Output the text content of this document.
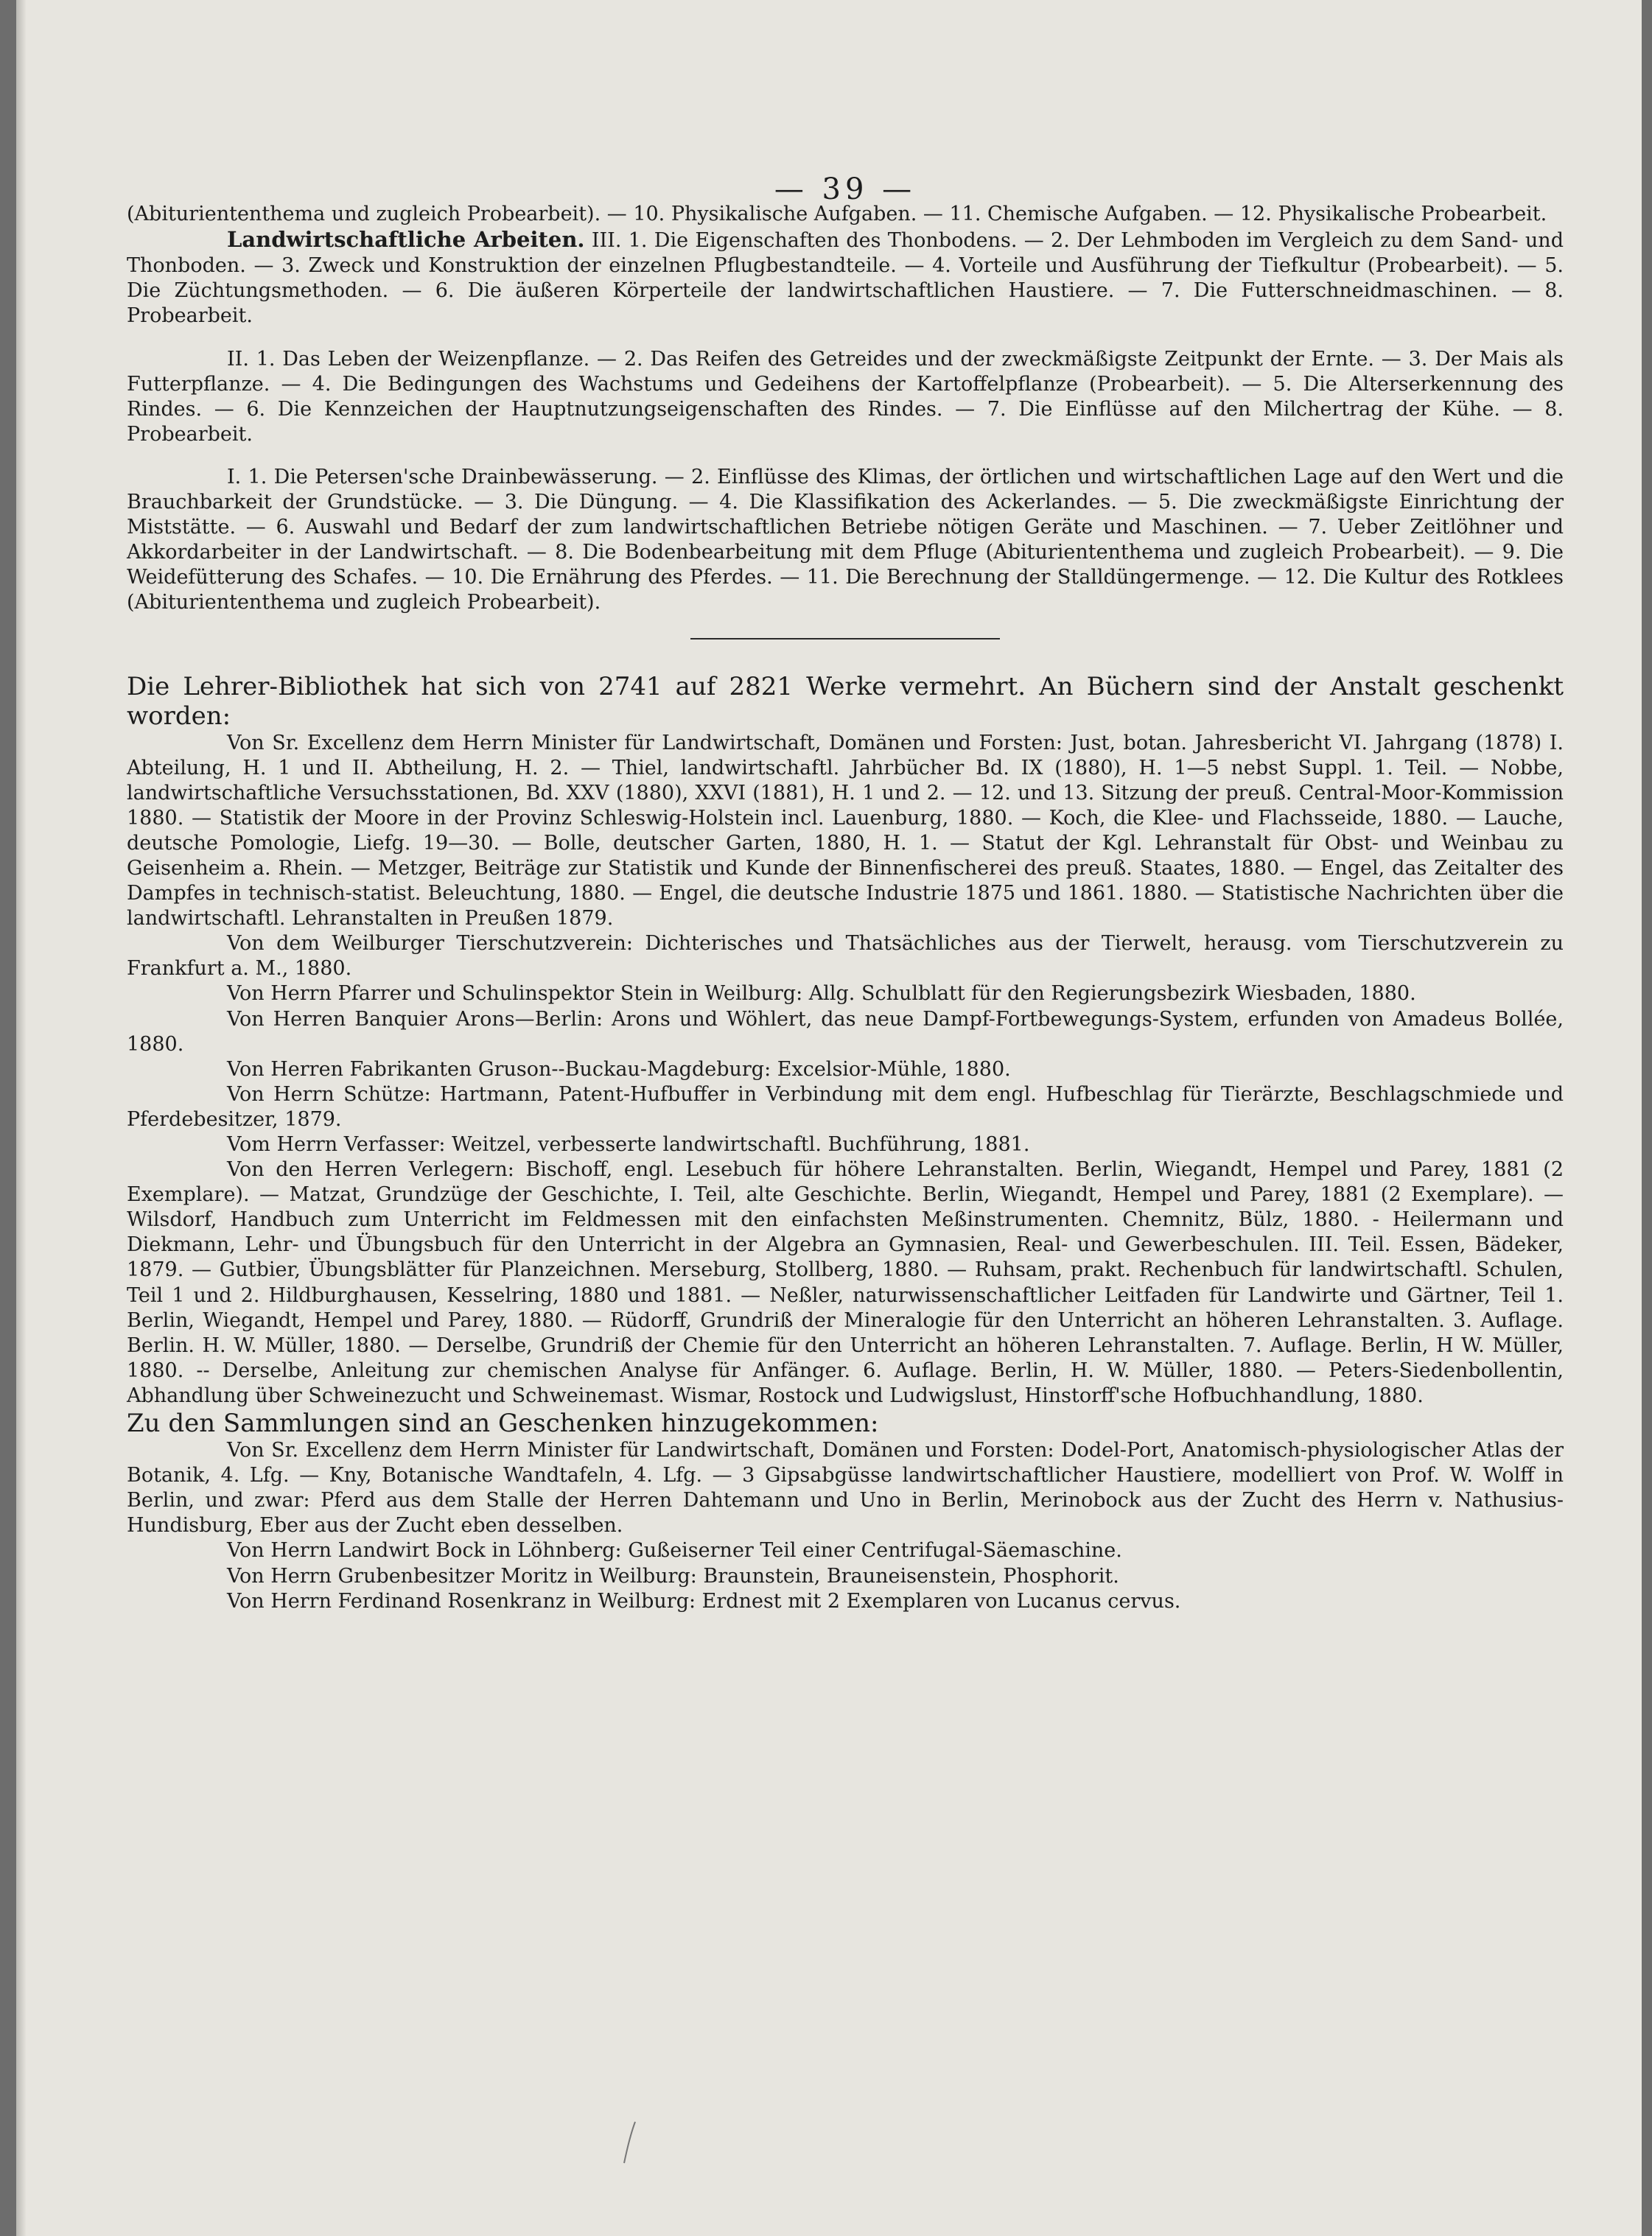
— 39 —

(Abituriententhema und zugleich Probearbeit). — 10. Physikalische Aufgaben. — 11. Chemische Aufgaben. — 12. Physikalische Probearbeit.

Landwirtschaftliche Arbeiten. III. 1. Die Eigenschaften des Thonbodens. — 2. Der Lehmboden im Vergleich zu dem Sand- und Thonboden. — 3. Zweck und Konstruktion der einzelnen Pflugbestandteile. — 4. Vorteile und Ausführung der Tiefkultur (Probearbeit). — 5. Die Züchtungsmethoden. — 6. Die äußeren Körperteile der landwirtschaftlichen Haustiere. — 7. Die Futterschneidmaschinen. — 8. Probearbeit.

II. 1. Das Leben der Weizenpflanze. — 2. Das Reifen des Getreides und der zweckmäßigste Zeitpunkt der Ernte. — 3. Der Mais als Futterpflanze. — 4. Die Bedingungen des Wachstums und Gedeihens der Kartoffelpflanze (Probearbeit). — 5. Die Alterserkennung des Rindes. — 6. Die Kennzeichen der Hauptnutzungseigenschaften des Rindes. — 7. Die Einflüsse auf den Milchertrag der Kühe. — 8. Probearbeit.

I. 1. Die Petersen'sche Drainbewässerung. — 2. Einflüsse des Klimas, der örtlichen und wirtschaftlichen Lage auf den Wert und die Brauchbarkeit der Grundstücke. — 3. Die Düngung. — 4. Die Klassifikation des Ackerlandes. — 5. Die zweckmäßigste Einrichtung der Miststätte. — 6. Auswahl und Bedarf der zum landwirtschaftlichen Betriebe nötigen Geräte und Maschinen. — 7. Ueber Zeitlöhner und Akkordarbeiter in der Landwirtschaft. — 8. Die Bodenbearbeitung mit dem Pfluge (Abituriententhema und zugleich Probearbeit). — 9. Die Weidefütterung des Schafes. — 10. Die Ernährung des Pferdes. — 11. Die Berechnung der Stalldüngermenge. — 12. Die Kultur des Rotklees (Abituriententhema und zugleich Probearbeit).

Die Lehrer-Bibliothek hat sich von 2741 auf 2821 Werke vermehrt. An Büchern sind der Anstalt geschenkt worden:

Von Sr. Excellenz dem Herrn Minister für Landwirtschaft, Domänen und Forsten: Just, botan. Jahresbericht VI. Jahrgang (1878) I. Abteilung, H. 1 und II. Abtheilung, H. 2. — Thiel, landwirtschaftl. Jahrbücher Bd. IX (1880), H. 1—5 nebst Suppl. 1. Teil. — Nobbe, landwirtschaftliche Versuchsstationen, Bd. XXV (1880), XXVI (1881), H. 1 und 2. — 12. und 13. Sitzung der preuß. Central-Moor-Kommission 1880. — Statistik der Moore in der Provinz Schleswig-Holstein incl. Lauenburg, 1880. — Koch, die Klee- und Flachsseide, 1880. — Lauche, deutsche Pomologie, Liefg. 19—30. — Bolle, deutscher Garten, 1880, H. 1. — Statut der Kgl. Lehranstalt für Obst- und Weinbau zu Geisenheim a. Rhein. — Metzger, Beiträge zur Statistik und Kunde der Binnenfischerei des preuß. Staates, 1880. — Engel, das Zeitalter des Dampfes in technisch-statist. Beleuchtung, 1880. — Engel, die deutsche Industrie 1875 und 1861. 1880. — Statistische Nachrichten über die landwirtschaftl. Lehranstalten in Preußen 1879.

Von dem Weilburger Tierschutzverein: Dichterisches und Thatsächliches aus der Tierwelt, herausg. vom Tierschutzverein zu Frankfurt a. M., 1880.

Von Herrn Pfarrer und Schulinspektor Stein in Weilburg: Allg. Schulblatt für den Regierungsbezirk Wiesbaden, 1880.

Von Herren Banquier Arons—Berlin: Arons und Wöhlert, das neue Dampf-Fortbewegungs-System, erfunden von Amadeus Bollée, 1880.

Von Herren Fabrikanten Gruson--Buckau-Magdeburg: Excelsior-Mühle, 1880.

Von Herrn Schütze: Hartmann, Patent-Hufbuffer in Verbindung mit dem engl. Hufbeschlag für Tierärzte, Beschlagschmiede und Pferdebesitzer, 1879.

Vom Herrn Verfasser: Weitzel, verbesserte landwirtschaftl. Buchführung, 1881.

Von den Herren Verlegern: Bischoff, engl. Lesebuch für höhere Lehranstalten. Berlin, Wiegandt, Hempel und Parey, 1881 (2 Exemplare). — Matzat, Grundzüge der Geschichte, I. Teil, alte Geschichte. Berlin, Wiegandt, Hempel und Parey, 1881 (2 Exemplare). — Wilsdorf, Handbuch zum Unterricht im Feldmessen mit den einfachsten Meßinstrumenten. Chemnitz, Bülz, 1880. - Heilermann und Diekmann, Lehr- und Übungsbuch für den Unterricht in der Algebra an Gymnasien, Real- und Gewerbeschulen. III. Teil. Essen, Bädeker, 1879. — Gutbier, Übungsblätter für Planzeichnen. Merseburg, Stollberg, 1880. — Ruhsam, prakt. Rechenbuch für landwirtschaftl. Schulen, Teil 1 und 2. Hildburghausen, Kesselring, 1880 und 1881. — Neßler, naturwissenschaftlicher Leitfaden für Landwirte und Gärtner, Teil 1. Berlin, Wiegandt, Hempel und Parey, 1880. — Rüdorff, Grundriß der Mineralogie für den Unterricht an höheren Lehranstalten. 3. Auflage. Berlin. H. W. Müller, 1880. — Derselbe, Grundriß der Chemie für den Unterricht an höheren Lehranstalten. 7. Auflage. Berlin, H W. Müller, 1880. -- Derselbe, Anleitung zur chemischen Analyse für Anfänger. 6. Auflage. Berlin, H. W. Müller, 1880. — Peters-Siedenbollentin, Abhandlung über Schweinezucht und Schweinemast. Wismar, Rostock und Ludwigslust, Hinstorff'sche Hofbuchhandlung, 1880.

Zu den Sammlungen sind an Geschenken hinzugekommen:

Von Sr. Excellenz dem Herrn Minister für Landwirtschaft, Domänen und Forsten: Dodel-Port, Anatomisch-physiologischer Atlas der Botanik, 4. Lfg. — Kny, Botanische Wandtafeln, 4. Lfg. — 3 Gipsabgüsse landwirtschaftlicher Haustiere, modelliert von Prof. W. Wolff in Berlin, und zwar: Pferd aus dem Stalle der Herren Dahtemann und Uno in Berlin, Merinobock aus der Zucht des Herrn v. Nathusius-Hundisburg, Eber aus der Zucht eben desselben.

Von Herrn Landwirt Bock in Löhnberg: Gußeiserner Teil einer Centrifugal-Säemaschine.

Von Herrn Grubenbesitzer Moritz in Weilburg: Braunstein, Brauneisenstein, Phosphorit.

Von Herrn Ferdinand Rosenkranz in Weilburg: Erdnest mit 2 Exemplaren von Lucanus cervus.
